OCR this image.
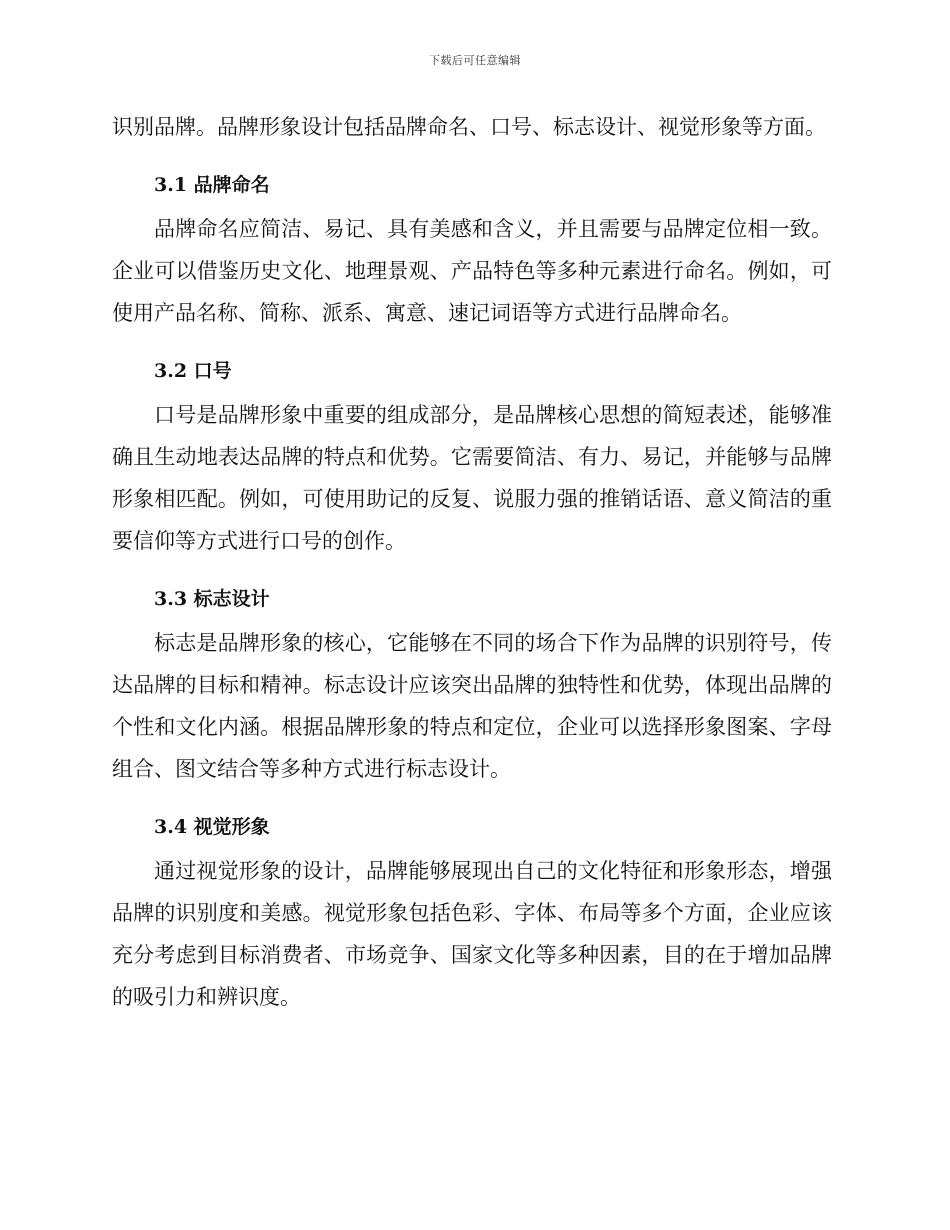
下载后可任意编辑

识别品牌。品牌形象设计包括品牌命名、口号、标志设计、视觉形象等方面。

3.1 品牌命名

品牌命名应简洁、易记、具有美感和含义，并且需要与品牌定位相一致。企业可以借鉴历史文化、地理景观、产品特色等多种元素进行命名。例如，可使用产品名称、简称、派系、寓意、速记词语等方式进行品牌命名。

3.2 口号

口号是品牌形象中重要的组成部分，是品牌核心思想的简短表述，能够准确且生动地表达品牌的特点和优势。它需要简洁、有力、易记，并能够与品牌形象相匹配。例如，可使用助记的反复、说服力强的推销话语、意义简洁的重要信仰等方式进行口号的创作。

3.3 标志设计

标志是品牌形象的核心，它能够在不同的场合下作为品牌的识别符号，传达品牌的目标和精神。标志设计应该突出品牌的独特性和优势，体现出品牌的个性和文化内涵。根据品牌形象的特点和定位，企业可以选择形象图案、字母组合、图文结合等多种方式进行标志设计。

3.4 视觉形象

通过视觉形象的设计，品牌能够展现出自己的文化特征和形象形态，增强品牌的识别度和美感。视觉形象包括色彩、字体、布局等多个方面，企业应该充分考虑到目标消费者、市场竞争、国家文化等多种因素，目的在于增加品牌的吸引力和辨识度。
